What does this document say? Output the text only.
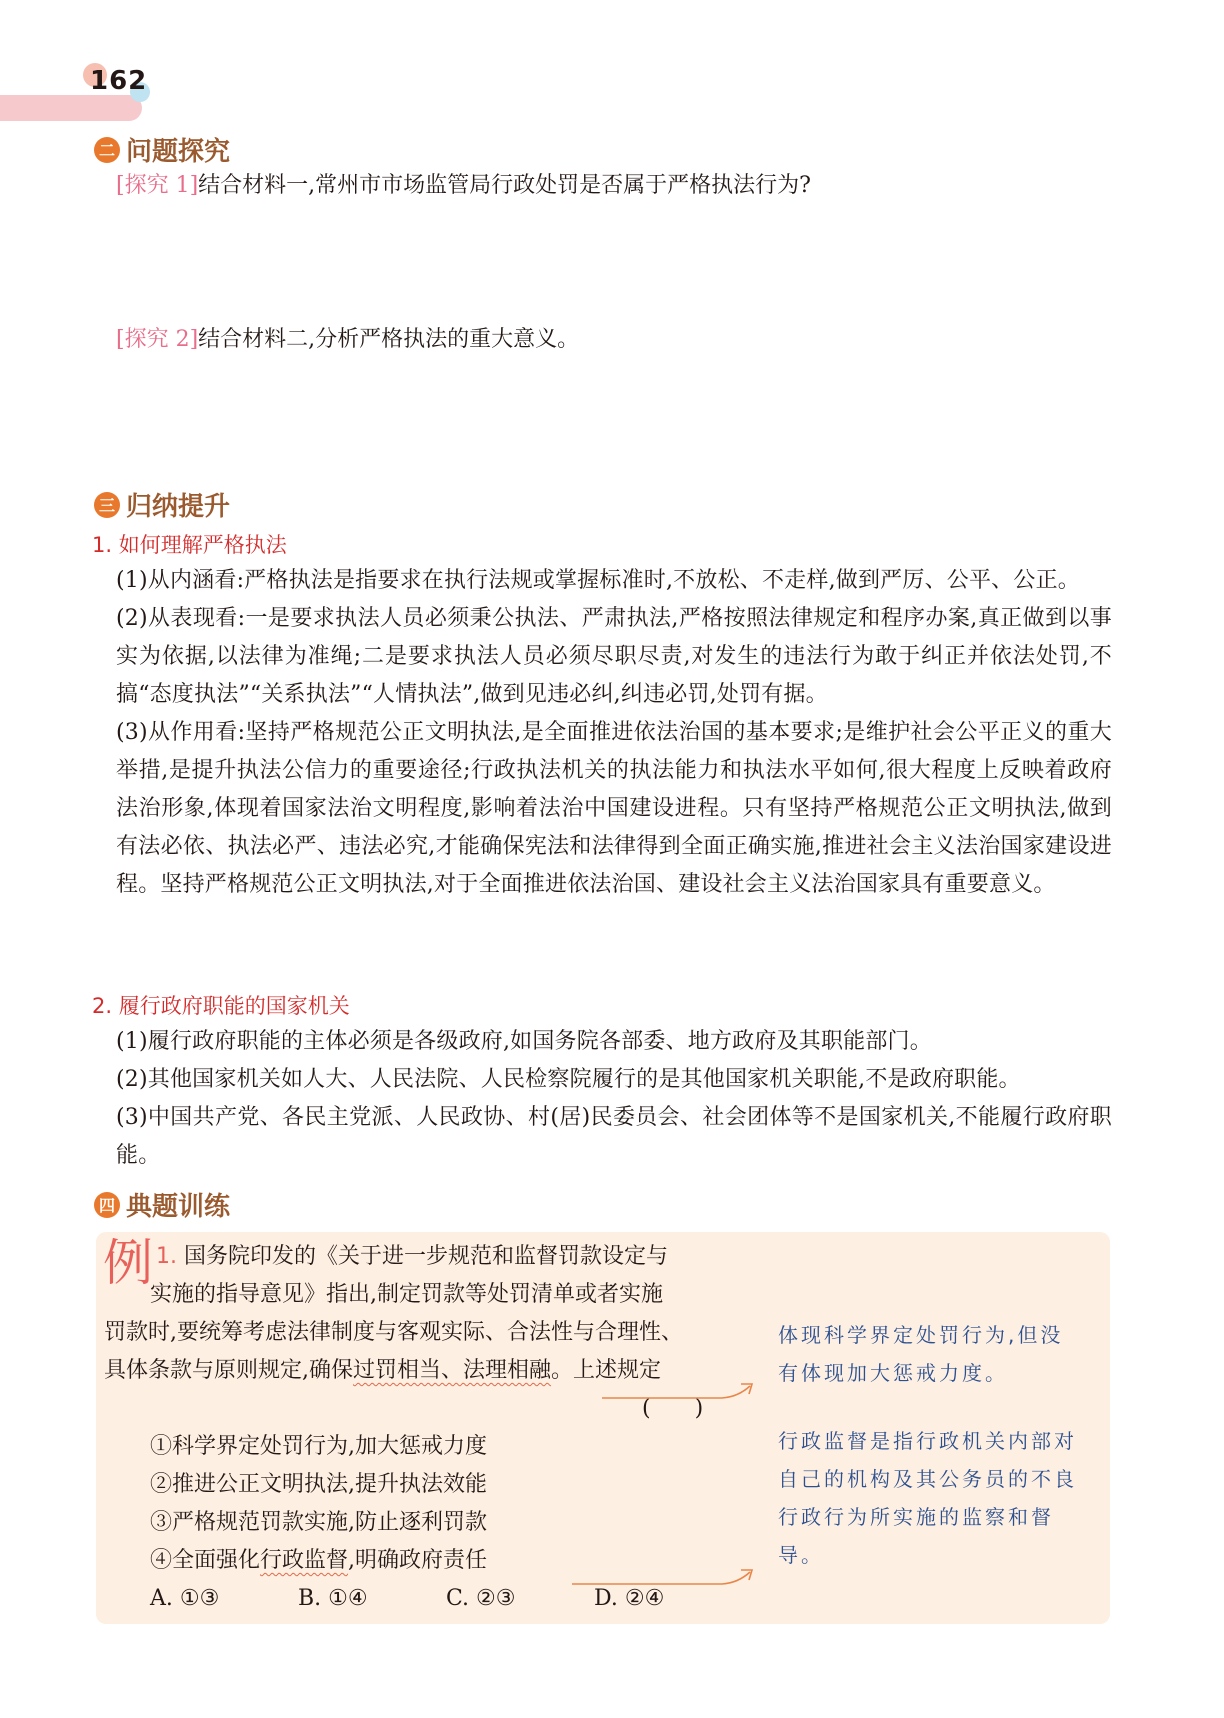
162
二 问题探究
[探究 1]结合材料一,常州市市场监管局行政处罚是否属于严格执法行为?
[探究 2]结合材料二,分析严格执法的重大意义。
三 归纳提升
1. 如何理解严格执法

(1)从内涵看:严格执法是指要求在执行法规或掌握标准时,不放松、不走样,做到严厉、公平、公正。

(2)从表现看:一是要求执法人员必须秉公执法、严肃执法,严格按照法律规定和程序办案,真正做到以事实为依据,以法律为准绳;二是要求执法人员必须尽职尽责,对发生的违法行为敢于纠正并依法处罚,不搞“态度执法”“关系执法”“人情执法”,做到见违必纠,纠违必罚,处罚有据。

(3)从作用看:坚持严格规范公正文明执法,是全面推进依法治国的基本要求;是维护社会公平正义的重大举措,是提升执法公信力的重要途径;行政执法机关的执法能力和执法水平如何,很大程度上反映着政府法治形象,体现着国家法治文明程度,影响着法治中国建设进程。只有坚持严格规范公正文明执法,做到有法必依、执法必严、违法必究,才能确保宪法和法律得到全面正确实施,推进社会主义法治国家建设进程。坚持严格规范公正文明执法,对于全面推进依法治国、建设社会主义法治国家具有重要意义。

2. 履行政府职能的国家机关

(1)履行政府职能的主体必须是各级政府,如国务院各部委、地方政府及其职能部门。

(2)其他国家机关如人大、人民法院、人民检察院履行的是其他国家机关职能,不是政府职能。

(3)中国共产党、各民主党派、人民政协、村(居)民委员会、社会团体等不是国家机关,不能履行政府职能。

四 典题训练
例 1. 国务院印发的《关于进一步规范和监督罚款设定与
实施的指导意见》指出,制定罚款等处罚清单或者实施
罚款时,要统筹考虑法律制度与客观实际、合法性与合理性、
具体条款与原则规定,确保过罚相当、法理相融。上述规定
(　　)
①科学界定处罚行为,加大惩戒力度
②推进公正文明执法,提升执法效能
③严格规范罚款实施,防止逐利罚款
④全面强化行政监督,明确政府责任
A. ①③	B. ①④	C. ②③	D. ②④
体现科学界定处罚行为,但没
有体现加大惩戒力度。
行政监督是指行政机关内部对
自己的机构及其公务员的不良
行政行为所实施的监察和督
导。
